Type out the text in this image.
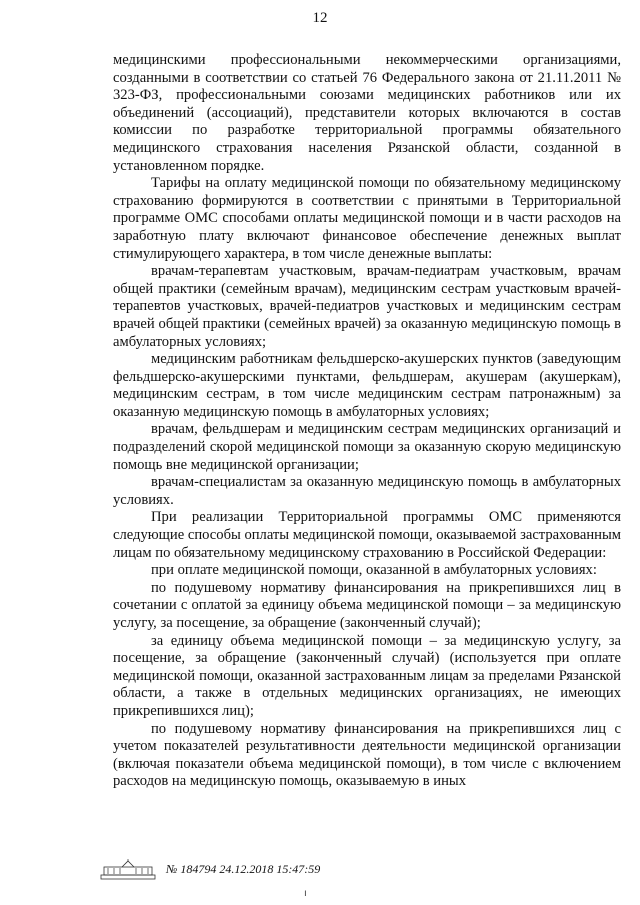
12

медицинскими профессиональными некоммерческими организациями, созданными в соответствии со статьей 76 Федерального закона от 21.11.2011 № 323-ФЗ, профессиональными союзами медицинских работников или их объединений (ассоциаций), представители которых включаются в состав комиссии по разработке территориальной программы обязательного медицинского страхования населения Рязанской области, созданной в установленном порядке.

Тарифы на оплату медицинской помощи по обязательному медицинскому страхованию формируются в соответствии с принятыми в Территориальной программе ОМС способами оплаты медицинской помощи и в части расходов на заработную плату включают финансовое обеспечение денежных выплат стимулирующего характера, в том числе денежные выплаты:

врачам-терапевтам участковым, врачам-педиатрам участковым, врачам общей практики (семейным врачам), медицинским сестрам участковым врачей-терапевтов участковых, врачей-педиатров участковых и медицинским сестрам врачей общей практики (семейных врачей) за оказанную медицинскую помощь в амбулаторных условиях;

медицинским работникам фельдшерско-акушерских пунктов (заведующим фельдшерско-акушерскими пунктами, фельдшерам, акушерам (акушеркам), медицинским сестрам, в том числе медицинским сестрам патронажным) за оказанную медицинскую помощь в амбулаторных условиях;

врачам, фельдшерам и медицинским сестрам медицинских организаций и подразделений скорой медицинской помощи за оказанную скорую медицинскую помощь вне медицинской организации;

врачам-специалистам за оказанную медицинскую помощь в амбулаторных условиях.

При реализации Территориальной программы ОМС применяются следующие способы оплаты медицинской помощи, оказываемой застрахованным лицам по обязательному медицинскому страхованию в Российской Федерации:

при оплате медицинской помощи, оказанной в амбулаторных условиях:

по подушевому нормативу финансирования на прикрепившихся лиц в сочетании с оплатой за единицу объема медицинской помощи – за медицинскую услугу, за посещение, за обращение (законченный случай);

за единицу объема медицинской помощи – за медицинскую услугу, за посещение, за обращение (законченный случай) (используется при оплате медицинской помощи, оказанной застрахованным лицам за пределами Рязанской области, а также в отдельных медицинских организациях, не имеющих прикрепившихся лиц);

по подушевому нормативу финансирования на прикрепившихся лиц с учетом показателей результативности деятельности медицинской организации (включая показатели объема медицинской помощи), в том числе с включением расходов на медицинскую помощь, оказываемую в иных

№ 184794 24.12.2018 15:47:59
ı
